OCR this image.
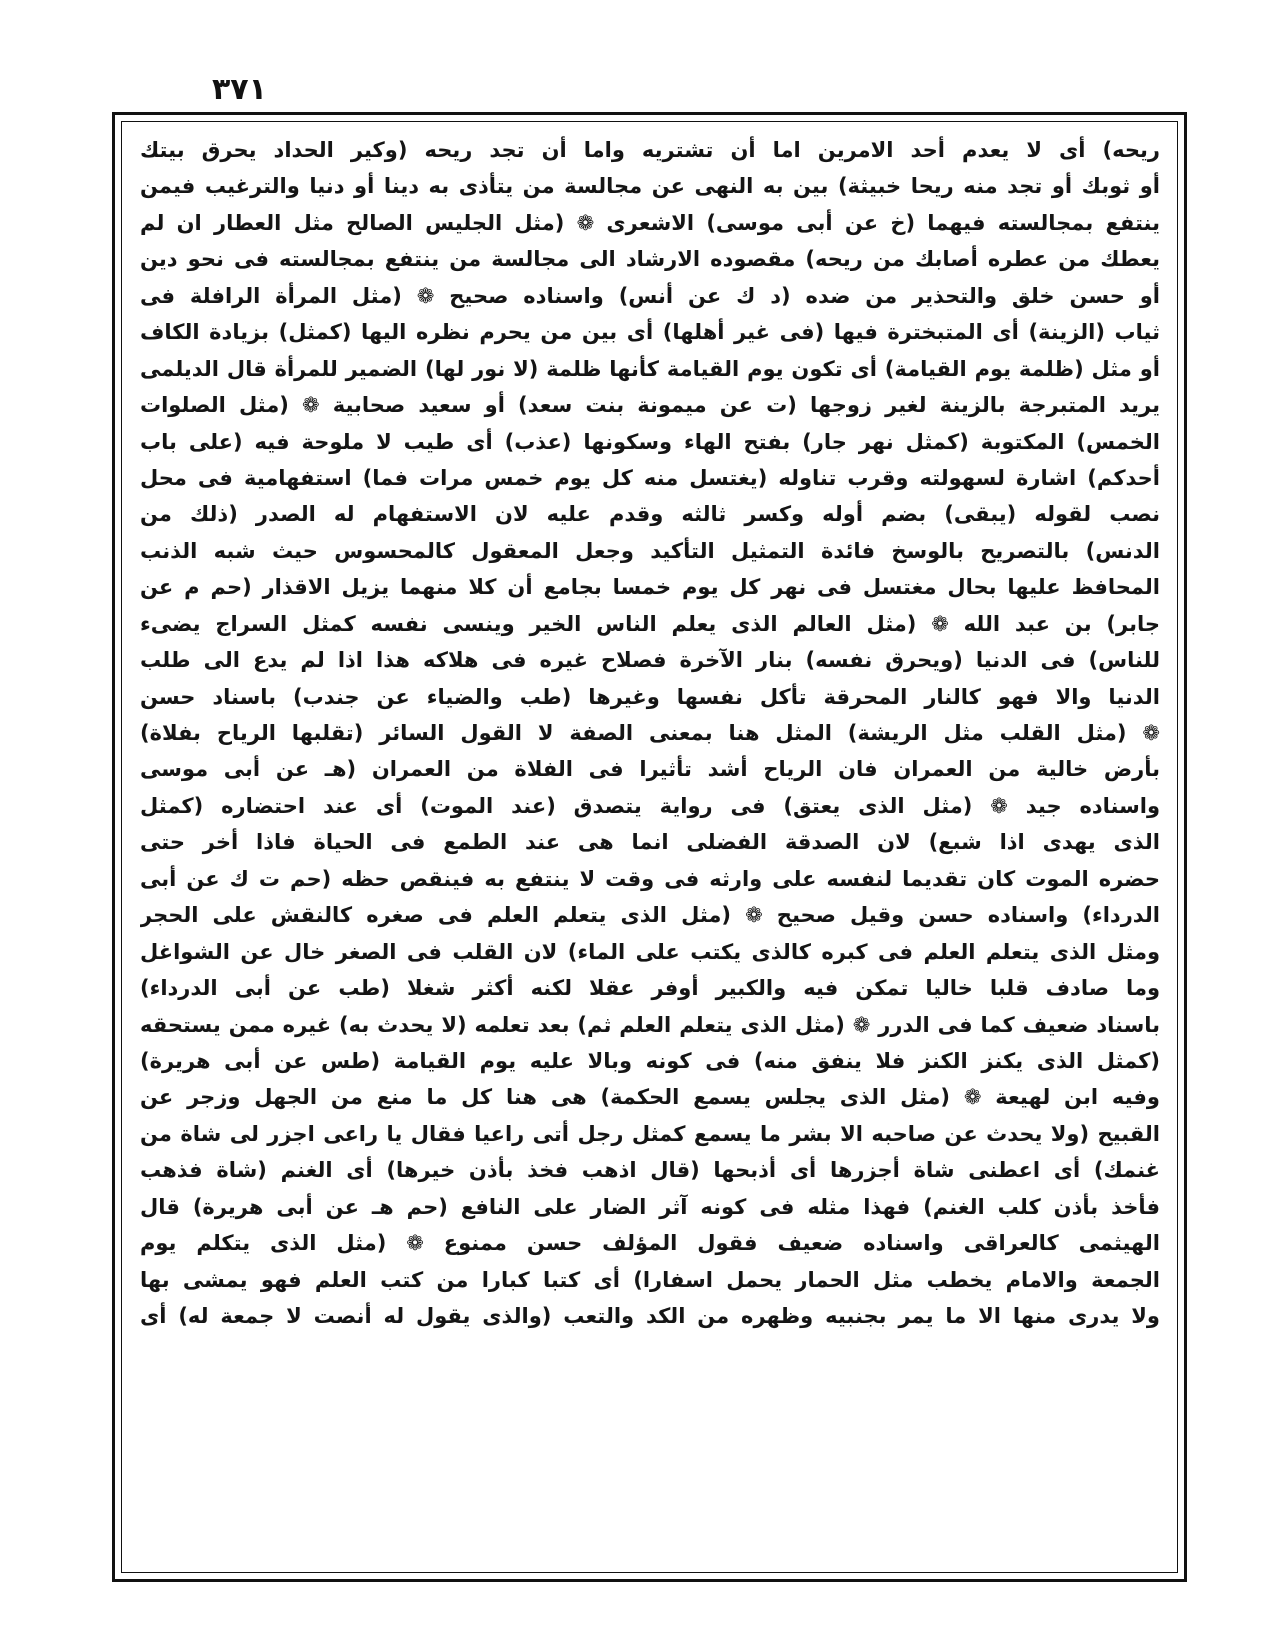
٣٧١
ريحه) أى لا يعدم أحد الامرين اما أن تشتريه واما أن تجد ريحه (وكير الحداد يحرق بيتك
أو ثوبك أو تجد منه ريحا خبيثة) بين به النهى عن مجالسة من يتأذى به دينا أو دنيا والترغيب فيمن
ينتفع بمجالسته فيهما (خ عن أبى موسى) الاشعرى ❁ (مثل الجليس الصالح مثل العطار ان لم
يعطك من عطره أصابك من ريحه) مقصوده الارشاد الى مجالسة من ينتفع بمجالسته فى نحو دين
أو حسن خلق والتحذير من ضده (د ك عن أنس) واسناده صحيح ❁ (مثل المرأة الرافلة فى
ثياب (الزينة) أى المتبخترة فيها (فى غير أهلها) أى بين من يحرم نظره اليها (كمثل) بزيادة الكاف
أو مثل (ظلمة يوم القيامة) أى تكون يوم القيامة كأنها ظلمة (لا نور لها) الضمير للمرأة قال الديلمى
يريد المتبرجة بالزينة لغير زوجها (ت عن ميمونة بنت سعد) أو سعيد صحابية ❁ (مثل الصلوات
الخمس) المكتوبة (كمثل نهر جار) بفتح الهاء وسكونها (عذب) أى طيب لا ملوحة فيه (على باب
أحدكم) اشارة لسهولته وقرب تناوله (يغتسل منه كل يوم خمس مرات فما) استفهامية فى محل
نصب لقوله (يبقى) بضم أوله وكسر ثالثه وقدم عليه لان الاستفهام له الصدر (ذلك من
الدنس) بالتصريح بالوسخ فائدة التمثيل التأكيد وجعل المعقول كالمحسوس حيث شبه الذنب
المحافظ عليها بحال مغتسل فى نهر كل يوم خمسا بجامع أن كلا منهما يزيل الاقذار (حم م عن
جابر) بن عبد الله ❁ (مثل العالم الذى يعلم الناس الخير وينسى نفسه كمثل السراج يضىء
للناس) فى الدنيا (ويحرق نفسه) بنار الآخرة فصلاح غيره فى هلاكه هذا اذا لم يدع الى طلب
الدنيا والا فهو كالنار المحرقة تأكل نفسها وغيرها (طب والضياء عن جندب) باسناد حسن
❁ (مثل القلب مثل الريشة) المثل هنا بمعنى الصفة لا القول السائر (تقلبها الرياح بفلاة)
بأرض خالية من العمران فان الرياح أشد تأثيرا فى الفلاة من العمران (هـ عن أبى موسى
واسناده جيد ❁ (مثل الذى يعتق) فى رواية يتصدق (عند الموت) أى عند احتضاره (كمثل
الذى يهدى اذا شبع) لان الصدقة الفضلى انما هى عند الطمع فى الحياة فاذا أخر حتى
حضره الموت كان تقديما لنفسه على وارثه فى وقت لا ينتفع به فينقص حظه (حم ت ك عن أبى
الدرداء) واسناده حسن وقيل صحيح ❁ (مثل الذى يتعلم العلم فى صغره كالنقش على الحجر
ومثل الذى يتعلم العلم فى كبره كالذى يكتب على الماء) لان القلب فى الصغر خال عن الشواغل
وما صادف قلبا خاليا تمكن فيه والكبير أوفر عقلا لكنه أكثر شغلا (طب عن أبى الدرداء)
باسناد ضعيف كما فى الدرر ❁ (مثل الذى يتعلم العلم ثم) بعد تعلمه (لا يحدث به) غيره ممن يستحقه
(كمثل الذى يكنز الكنز فلا ينفق منه) فى كونه وبالا عليه يوم القيامة (طس عن أبى هريرة)
وفيه ابن لهيعة ❁ (مثل الذى يجلس يسمع الحكمة) هى هنا كل ما منع من الجهل وزجر عن
القبيح (ولا يحدث عن صاحبه الا بشر ما يسمع كمثل رجل أتى راعيا فقال يا راعى اجزر لى شاة من
غنمك) أى اعطنى شاة أجزرها أى أذبحها (قال اذهب فخذ بأذن خيرها) أى الغنم (شاة فذهب
فأخذ بأذن كلب الغنم) فهذا مثله فى كونه آثر الضار على النافع (حم هـ عن أبى هريرة) قال
الهيثمى كالعراقى واسناده ضعيف فقول المؤلف حسن ممنوع ❁ (مثل الذى يتكلم يوم
الجمعة والامام يخطب مثل الحمار يحمل اسفارا) أى كتبا كبارا من كتب العلم فهو يمشى بها
ولا يدرى منها الا ما يمر بجنبيه وظهره من الكد والتعب (والذى يقول له أنصت لا جمعة له) أى
